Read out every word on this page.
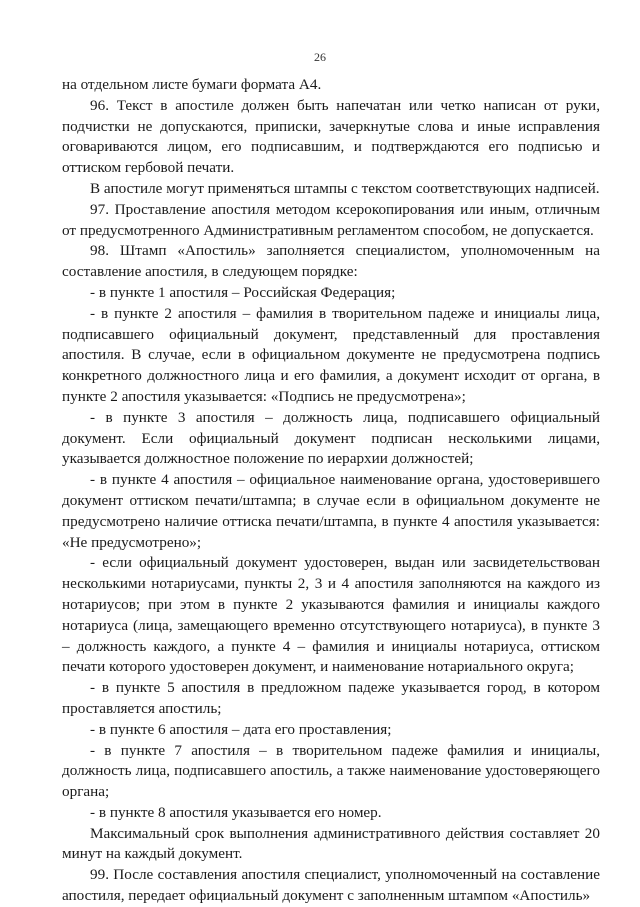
26

на отдельном листе бумаги формата А4.

96. Текст в апостиле должен быть напечатан или четко написан от руки, подчистки не допускаются, приписки, зачеркнутые слова и иные исправления оговариваются лицом, его подписавшим, и подтверждаются его подписью и оттиском гербовой печати.

В апостиле могут применяться штампы с текстом соответствующих надписей.

97. Проставление апостиля методом ксерокопирования или иным, отличным от предусмотренного Административным регламентом способом, не допускается.

98. Штамп «Апостиль» заполняется специалистом, уполномоченным на составление апостиля, в следующем порядке:

- в пункте 1 апостиля – Российская Федерация;

- в пункте 2 апостиля – фамилия в творительном падеже и инициалы лица, подписавшего официальный документ, представленный для проставления апостиля. В случае, если в официальном документе не предусмотрена подпись конкретного должностного лица и его фамилия, а документ исходит от органа, в пункте 2 апостиля указывается: «Подпись не предусмотрена»;

- в пункте 3 апостиля – должность лица, подписавшего официальный документ. Если официальный документ подписан несколькими лицами, указывается должностное положение по иерархии должностей;

- в пункте 4 апостиля – официальное наименование органа, удостоверившего документ оттиском печати/штампа; в случае если в официальном документе не предусмотрено наличие оттиска печати/штампа, в пункте 4 апостиля указывается: «Не предусмотрено»;

- если официальный документ удостоверен, выдан или засвидетельствован несколькими нотариусами, пункты 2, 3 и 4 апостиля заполняются на каждого из нотариусов; при этом в пункте 2 указываются фамилия и инициалы каждого нотариуса (лица, замещающего временно отсутствующего нотариуса), в пункте 3 – должность каждого, а пункте 4 – фамилия и инициалы нотариуса, оттиском печати которого удостоверен документ, и наименование нотариального округа;

- в пункте 5 апостиля в предложном падеже указывается город, в котором проставляется апостиль;

- в пункте 6 апостиля – дата его проставления;

- в пункте 7 апостиля – в творительном падеже фамилия и инициалы, должность лица, подписавшего апостиль, а также наименование удостоверяющего органа;

- в пункте 8 апостиля указывается его номер.

Максимальный срок выполнения административного действия составляет 20 минут на каждый документ.

99. После составления апостиля специалист, уполномоченный на составление апостиля, передает официальный документ с заполненным штампом «Апостиль»
